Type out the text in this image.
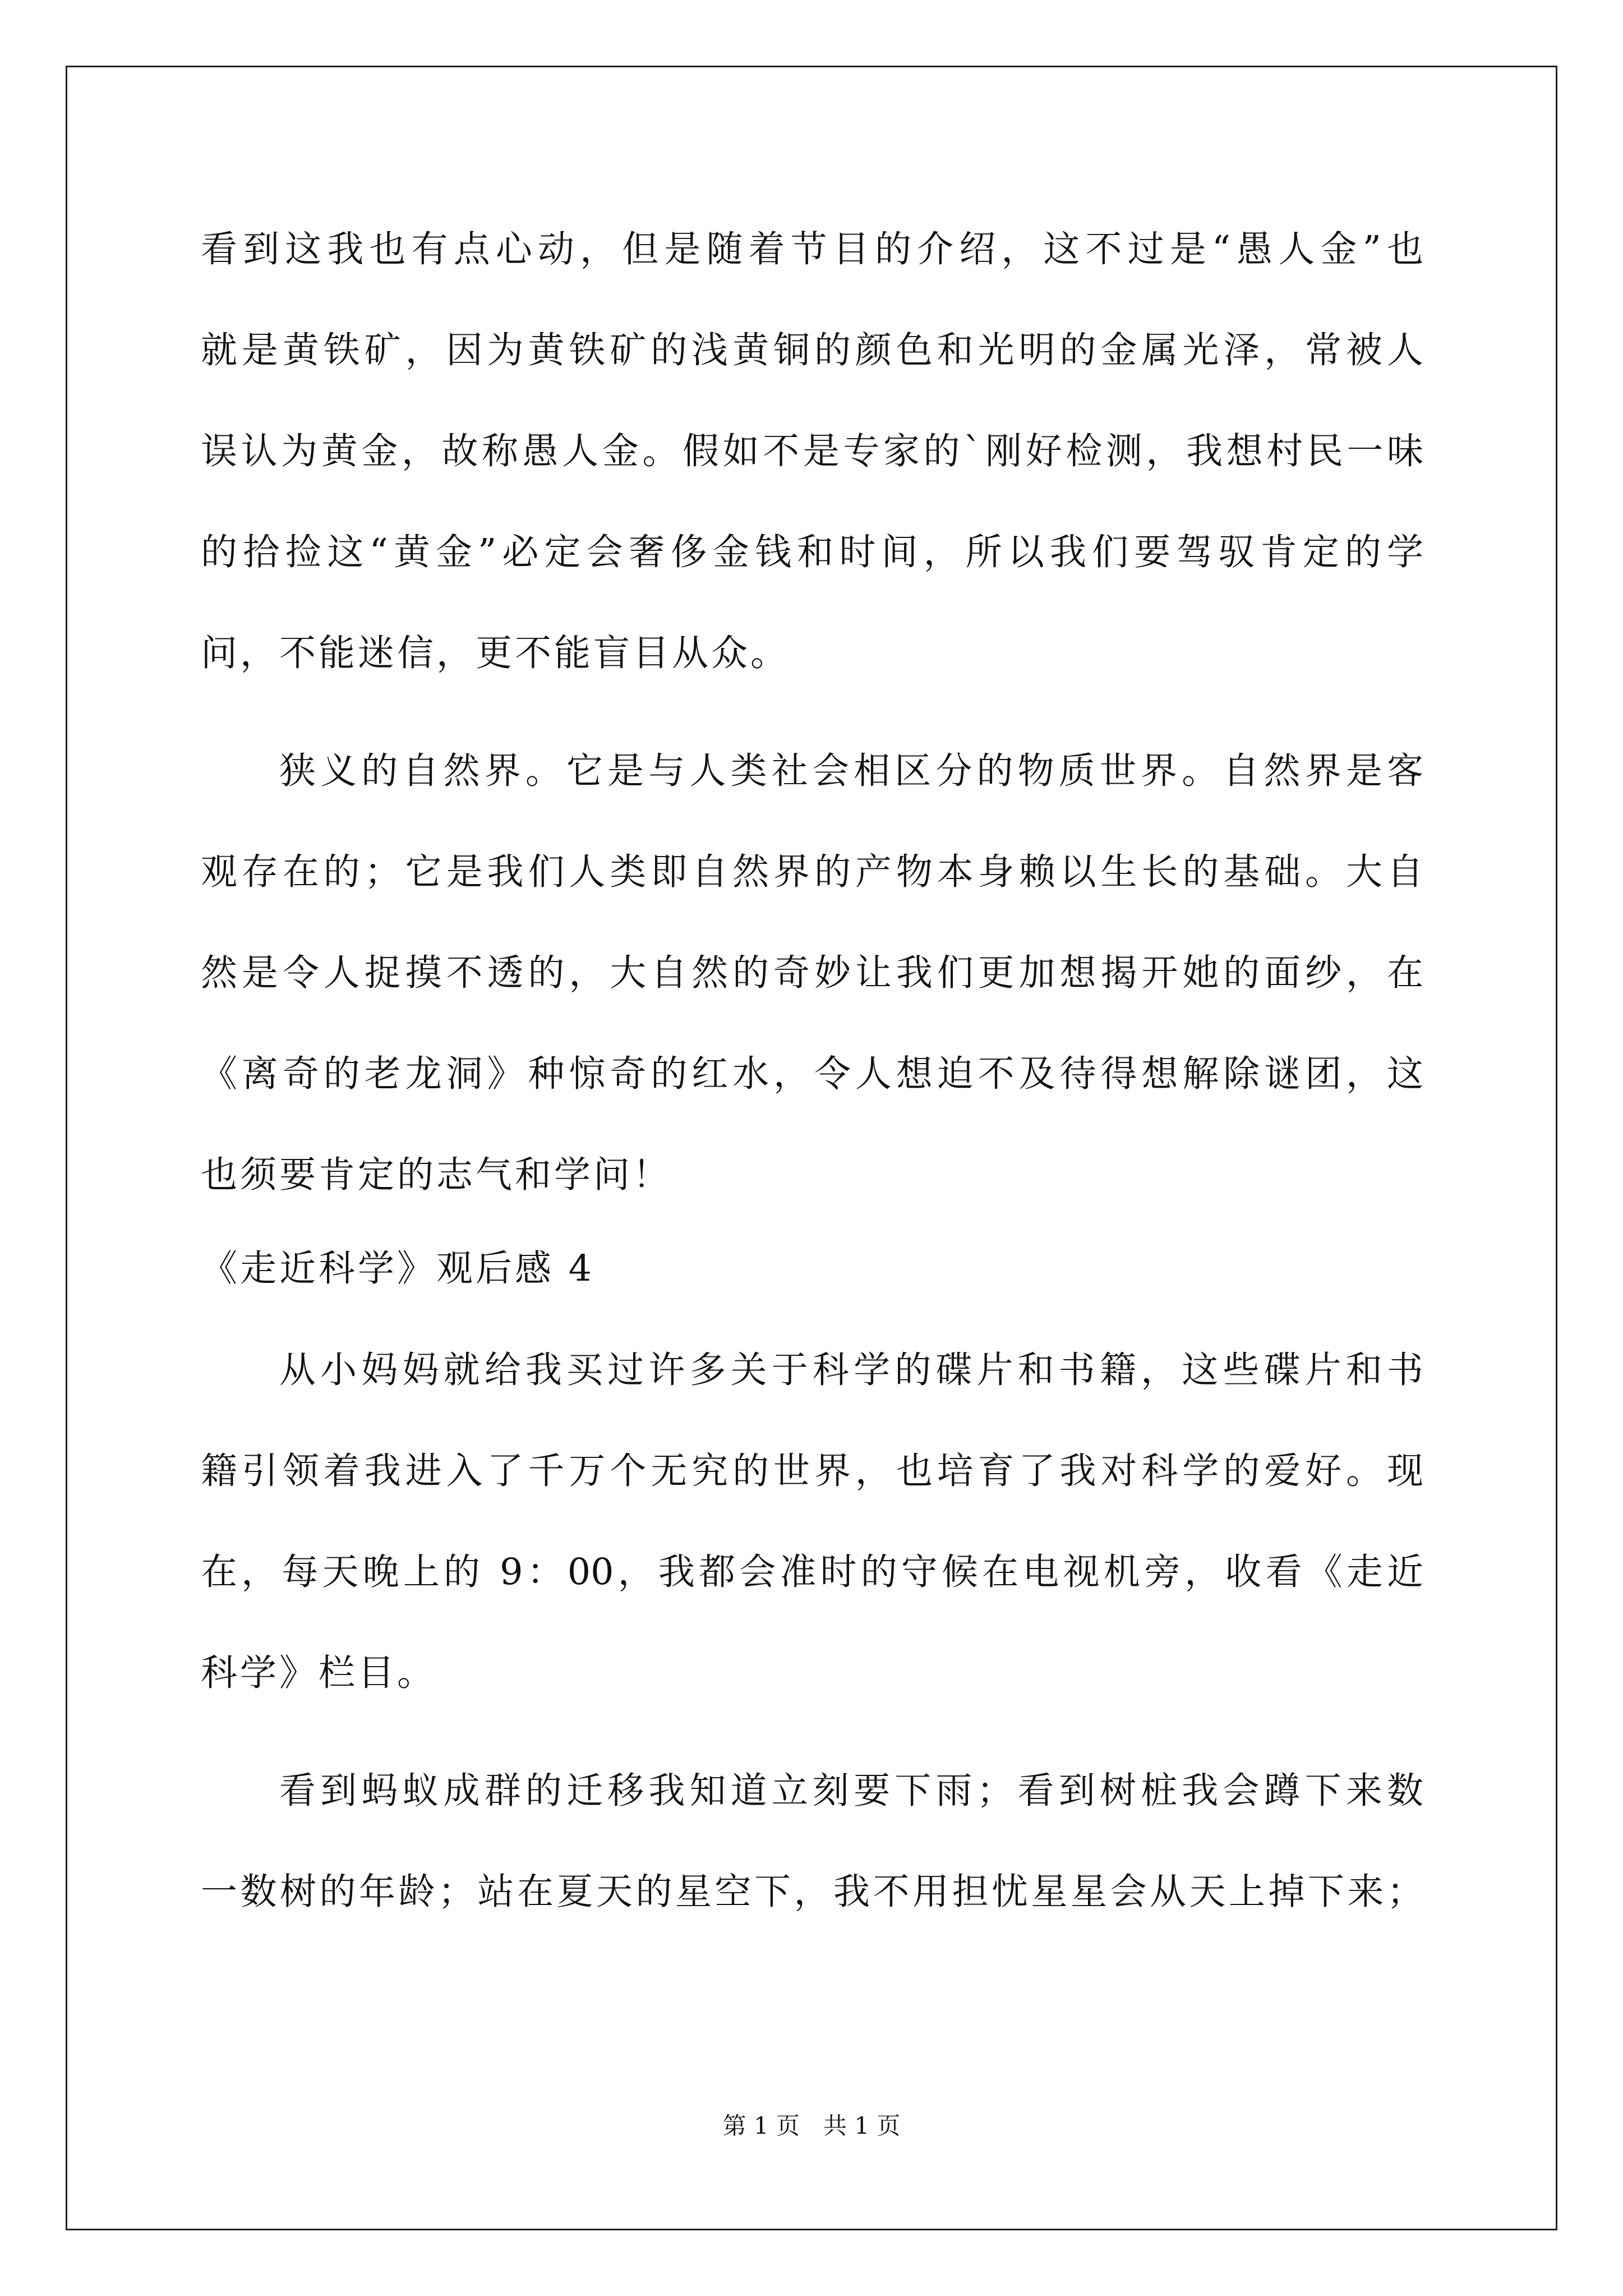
看到这我也有点心动，但是随着节目的介绍，这不过是“愚人金”也
就是黄铁矿，因为黄铁矿的浅黄铜的颜色和光明的金属光泽，常被人
误认为黄金，故称愚人金。假如不是专家的`刚好检测，我想村民一味
的拾捡这“黄金”必定会奢侈金钱和时间，所以我们要驾驭肯定的学
问，不能迷信，更不能盲目从众。
狭义的自然界。它是与人类社会相区分的物质世界。自然界是客
观存在的；它是我们人类即自然界的产物本身赖以生长的基础。大自
然是令人捉摸不透的，大自然的奇妙让我们更加想揭开她的面纱，在
《离奇的老龙洞》种惊奇的红水，令人想迫不及待得想解除谜团，这
也须要肯定的志气和学问！
《走近科学》观后感 4
从小妈妈就给我买过许多关于科学的碟片和书籍，这些碟片和书
籍引领着我进入了千万个无究的世界，也培育了我对科学的爱好。现
在，每天晚上的 9：00，我都会准时的守候在电视机旁，收看《走近
科学》栏目。
看到蚂蚁成群的迁移我知道立刻要下雨；看到树桩我会蹲下来数
一数树的年龄；站在夏天的星空下，我不用担忧星星会从天上掉下来；
第 1 页　共 1 页
